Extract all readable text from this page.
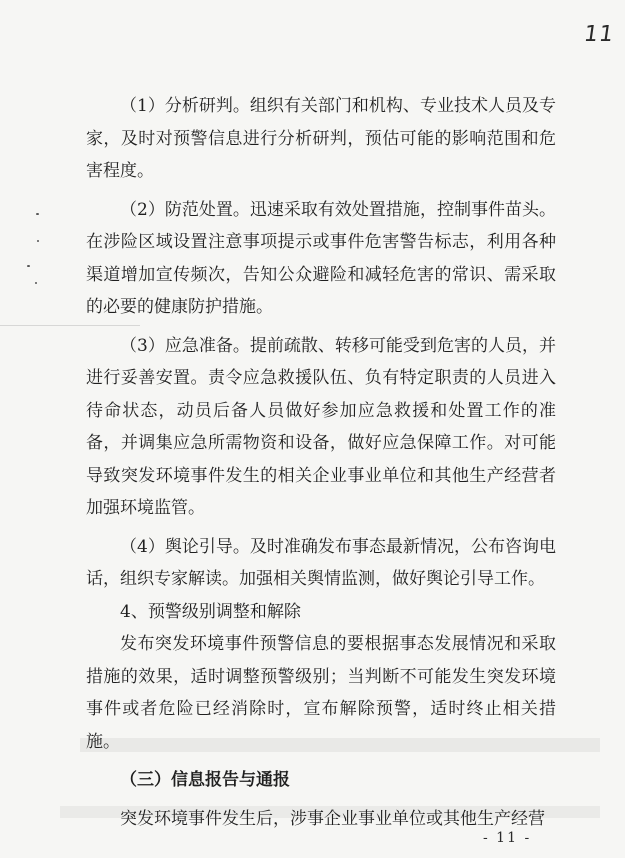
11

（1）分析研判。组织有关部门和机构、专业技术人员及专家，及时对预警信息进行分析研判，预估可能的影响范围和危害程度。

（2）防范处置。迅速采取有效处置措施，控制事件苗头。在涉险区域设置注意事项提示或事件危害警告标志，利用各种渠道增加宣传频次，告知公众避险和减轻危害的常识、需采取的必要的健康防护措施。

（3）应急准备。提前疏散、转移可能受到危害的人员，并进行妥善安置。责令应急救援队伍、负有特定职责的人员进入待命状态，动员后备人员做好参加应急救援和处置工作的准备，并调集应急所需物资和设备，做好应急保障工作。对可能导致突发环境事件发生的相关企业事业单位和其他生产经营者加强环境监管。

（4）舆论引导。及时准确发布事态最新情况，公布咨询电话，组织专家解读。加强相关舆情监测，做好舆论引导工作。

4、预警级别调整和解除

发布突发环境事件预警信息的要根据事态发展情况和采取措施的效果，适时调整预警级别；当判断不可能发生突发环境事件或者危险已经消除时，宣布解除预警，适时终止相关措施。

（三）信息报告与通报

突发环境事件发生后，涉事企业事业单位或其他生产经营

- 11 -
